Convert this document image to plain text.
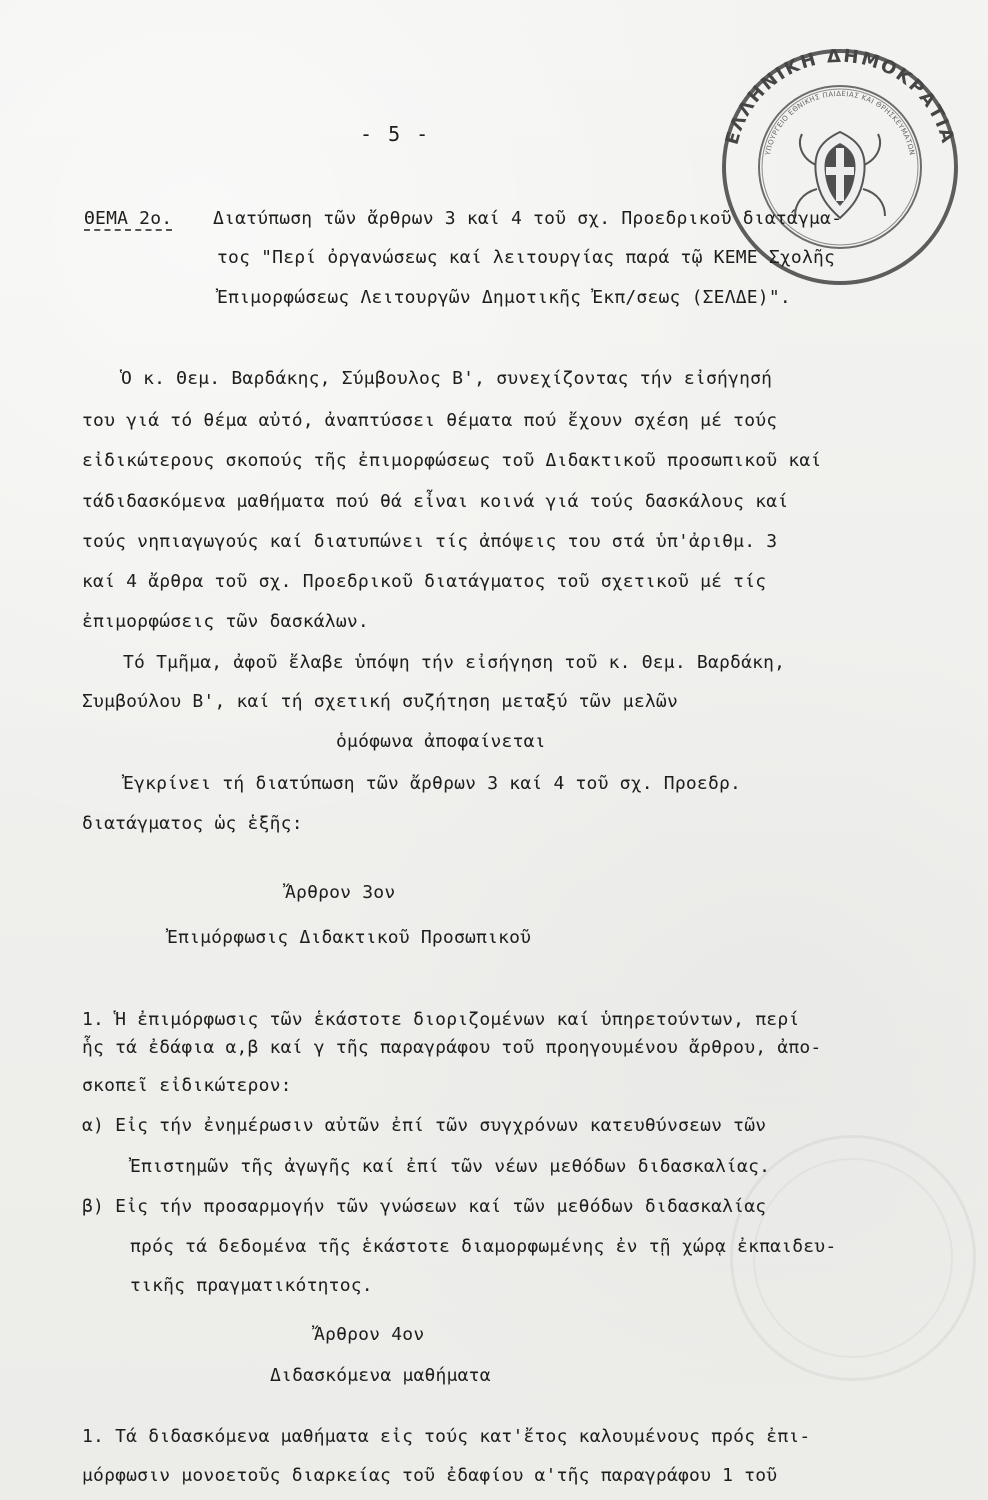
ΕΛΛΗΝΙΚΗ ΔΗΜΟΚΡΑΤΙΑ
ΥΠΟΥΡΓΕΙΟ ΕΘΝΙΚΗΣ ΠΑΙΔΕΙΑΣ ΚΑΙ ΘΡΗΣΚΕΥΜΑΤΩΝ
- 5 -
ΘΕΜΑ 2ο. Διατύπωση τῶν ἄρθρων 3 καί 4 τοῦ σχ. Προεδρικοῦ διατάγμα-
τος "Περί ὀργανώσεως καί λειτουργίας παρά τῷ ΚΕΜΕ Σχολῆς
Ἐπιμορφώσεως Λειτουργῶν Δημοτικῆς Ἐκπ/σεως (ΣΕΛΔΕ)".
Ὁ κ. Θεμ. Βαρδάκης, Σύμβουλος Β', συνεχίζοντας τήν εἰσήγησή
του γιά τό θέμα αὐτό, ἀναπτύσσει θέματα πού ἔχουν σχέση μέ τούς
εἰδικώτερους σκοπούς τῆς ἐπιμορφώσεως τοῦ Διδακτικοῦ προσωπικοῦ καί
τάδιδασκόμενα μαθήματα πού θά εἶναι κοινά γιά τούς δασκάλους καί
τούς νηπιαγωγούς καί διατυπώνει τίς ἀπόψεις του στά ὑπ'ἀριθμ. 3
καί 4 ἄρθρα τοῦ σχ. Προεδρικοῦ διατάγματος τοῦ σχετικοῦ μέ τίς
ἐπιμορφώσεις τῶν δασκάλων.
Τό Τμῆμα, ἀφοῦ ἔλαβε ὑπόψη τήν εἰσήγηση τοῦ κ. Θεμ. Βαρδάκη,
Συμβούλου Β', καί τή σχετική συζήτηση μεταξύ τῶν μελῶν
ὁμόφωνα ἀποφαίνεται
Ἐγκρίνει τή διατύπωση τῶν ἄρθρων 3 καί 4 τοῦ σχ. Προεδρ.
διατάγματος ὡς ἑξῆς:
Ἄρθρον 3ον
Ἐπιμόρφωσις Διδακτικοῦ Προσωπικοῦ
1. Ἡ ἐπιμόρφωσις τῶν ἑκάστοτε διοριζομένων καί ὑπηρετούντων, περί
ἧς τά ἐδάφια α,β καί γ τῆς παραγράφου τοῦ προηγουμένου ἄρθρου, ἀπο-
σκοπεῖ εἰδικώτερον:
α) Εἰς τήν ἐνημέρωσιν αὐτῶν ἐπί τῶν συγχρόνων κατευθύνσεων τῶν
Ἐπιστημῶν τῆς ἀγωγῆς καί ἐπί τῶν νέων μεθόδων διδασκαλίας.
β) Εἰς τήν προσαρμογήν τῶν γνώσεων καί τῶν μεθόδων διδασκαλίας
πρός τά δεδομένα τῆς ἑκάστοτε διαμορφωμένης ἐν τῇ χώρᾳ ἐκπαιδευ-
τικῆς πραγματικότητος.
Ἄρθρον 4ον
Διδασκόμενα μαθήματα
1. Τά διδασκόμενα μαθήματα εἰς τούς κατ'ἔτος καλουμένους πρός ἐπι-
μόρφωσιν μονοετοῦς διαρκείας τοῦ ἐδαφίου α'τῆς παραγράφου 1 τοῦ
